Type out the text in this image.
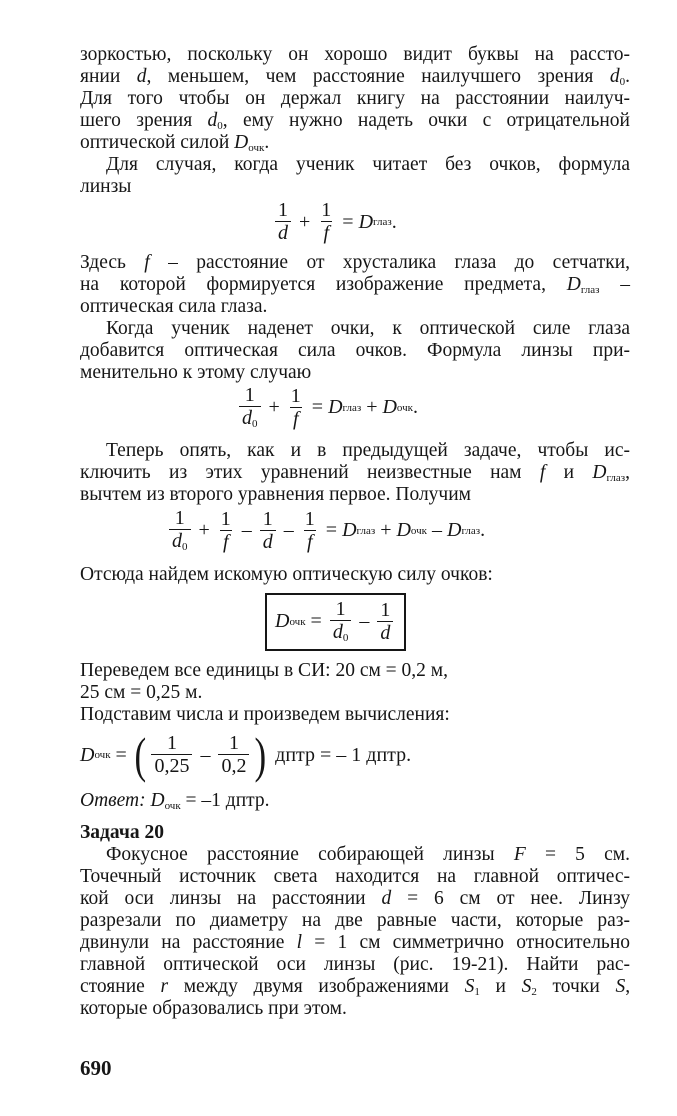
зоркостью, поскольку он хорошо видит буквы на рассто-
янии d, меньшем, чем расстояние наилучшего зрения $d_0$.
Для того чтобы он держал книгу на расстоянии наилуч-
шего зрения $d_0$, ему нужно надеть очки с отрицательной
оптической силой $D_{очк}$.
Для случая, когда ученик читает без очков, формула
линзы
$\frac{1}{d} + \frac{1}{f} = D$ глаз .
Здесь f – расстояние от хрусталика глаза до сетчатки,
на которой формируется изображение предмета, $D_{глаз}$ –
оптическая сила глаза.
Когда ученик наденет очки, к оптической силе глаза
добавится оптическая сила очков. Формула линзы при-
менительно к этому случаю
$\frac{1}{d_0} + \frac{1}{f} = D$ глаз + D очк .
Теперь опять, как и в предыдущей задаче, чтобы ис-
ключить из этих уравнений неизвестные нам f и $D_{глаз}$,
вычтем из второго уравнения первое. Получим
$\frac{1}{d_0} + \frac{1}{f} - \frac{1}{d} - \frac{1}{f} = D$ глаз + D очк – D глаз .
Отсюда найдем искомую оптическую силу очков:
D очк = $\frac{1}{d_0} - \frac{1}{d}$
Переведем все единицы в СИ: 20 см = 0,2 м,
25 см = 0,25 м.
Подставим числа и произведем вычисления:
D очк = ( $\frac{1}{0,25} - \frac{1}{0,2}$ ) дптр = – 1 дптр.
Ответ: $D_{очк} = -1$ дптр.
Задача 20
Фокусное расстояние собирающей линзы F = 5 см.
Точечный источник света находится на главной оптичес-
кой оси линзы на расстоянии d = 6 см от нее. Линзу
разрезали по диаметру на две равные части, которые раз-
двинули на расстояние l = 1 см симметрично относительно
главной оптической оси линзы (рис. 19-21). Найти рас-
стояние r между двумя изображениями $S_1$ и $S_2$ точки S,
которые образовались при этом.
690
